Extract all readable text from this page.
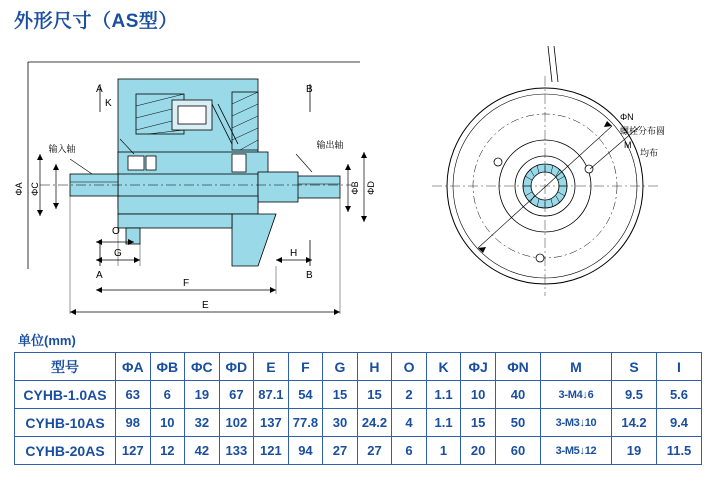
外形尺寸（AS型）
输入轴	输出轴
ΦA ΦC	ΦB ΦD
K
A
A
B
B
O
G	H
F
E
ΦN
螺栓分布圆
M
均布
单位(mm)
型号	ΦA	ΦB	ΦC	ΦD	E	F	G	H	O	K	ΦJ	ΦN	M	S	I
CYHB-1.0AS	63	6	19	67	87.1	54	15	15	2	1.1	10	40	3-M4↓6	9.5	5.6
CYHB-10AS	98	10	32	102	137	77.8	30	24.2	4	1.1	15	50	3-M3↓10	14.2	9.4
CYHB-20AS	127	12	42	133	121	94	27	27	6	1	20	60	3-M5↓12	19	11.5
